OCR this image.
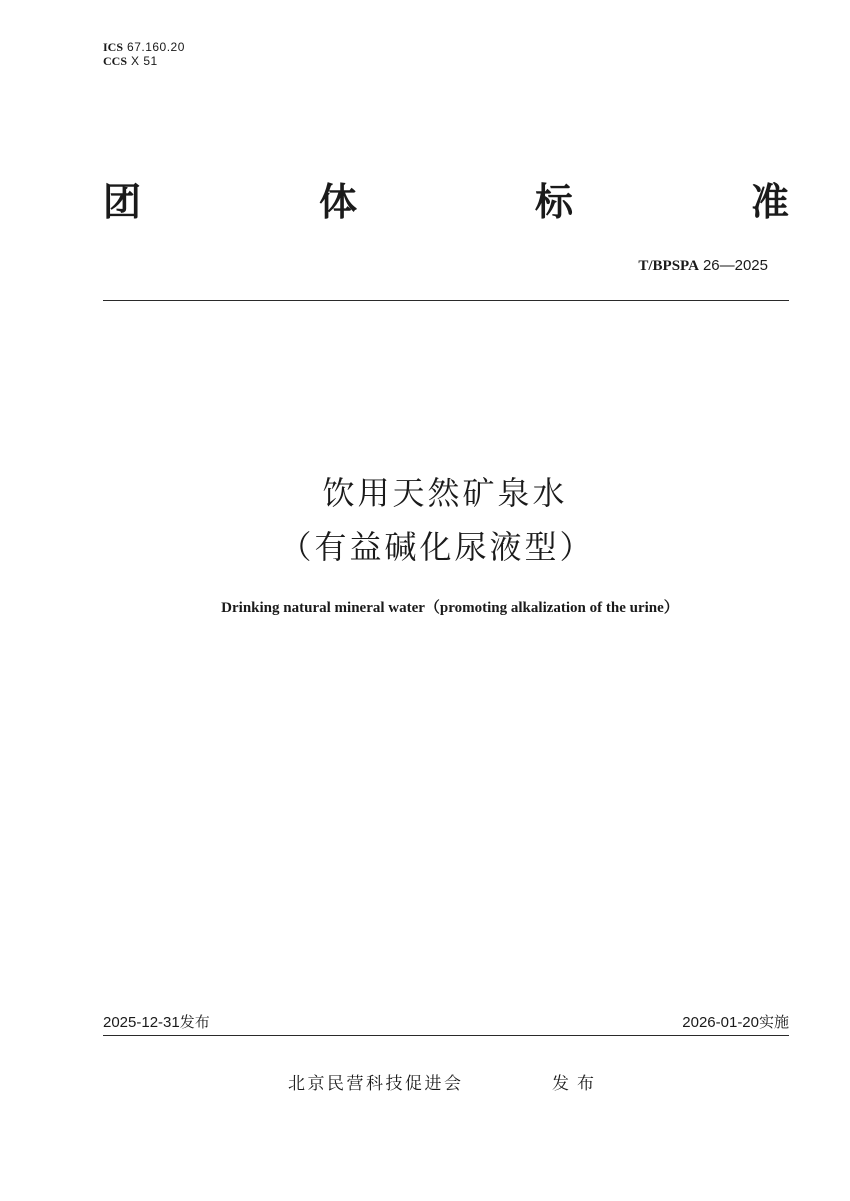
ICS 67.160.20
CCS X 51
团	体	标	准
T/BPSPA 26—2025
饮用天然矿泉水
（有益碱化尿液型）
Drinking natural mineral water（promoting alkalization of the urine）
2025-12-31发布	2026-01-20实施
北京民营科技促进会	发布
